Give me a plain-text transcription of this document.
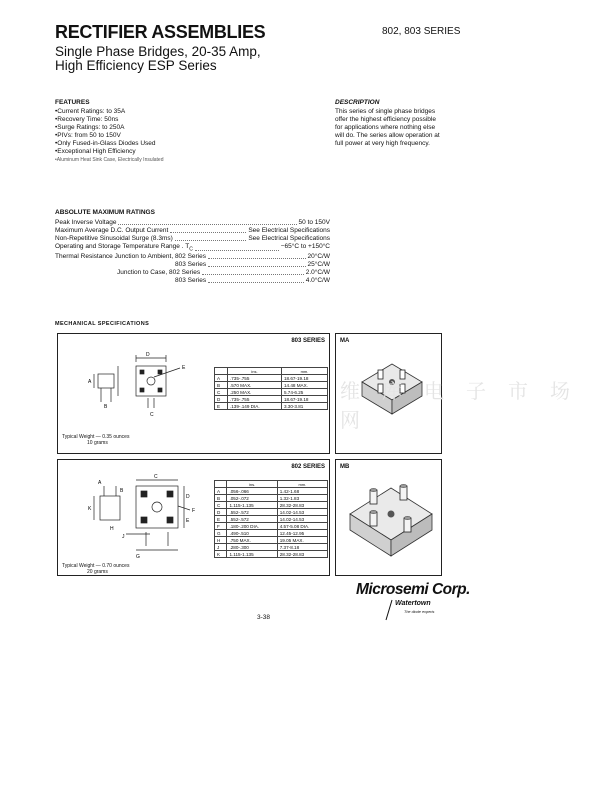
RECTIFIER ASSEMBLIES	802, 803 SERIES
Single Phase Bridges, 20-35 Amp,
High Efficiency ESP Series
FEATURES
• Current Ratings: to 35A
• Recovery Time: 50ns
• Surge Ratings: to 250A
• PIVs: from 50 to 150V
• Only Fused-in-Glass Diodes Used
• Exceptional High Efficiency
• Aluminum Heat Sink Case, Electrically Insulated
DESCRIPTION
This series of single phase bridges
offer the highest efficiency possible
for applications where nothing else
will do. The series allow operation at
full power at very high frequency.
ABSOLUTE MAXIMUM RATINGS
Peak Inverse Voltage	50 to 150V
Maximum Average D.C. Output Current	See Electrical Specifications
Non-Repetitive Sinusoidal Surge (8.3ms)	See Electrical Specifications
Operating and Storage Temperature Range . $T_C$	−65°C to +150°C
Thermal Resistance Junction to Ambient, 802 Series	20°C/W
803 Series	25°C/W
Junction to Case, 802 Series	2.0°C/W
803 Series	4.0°C/W
MECHANICAL SPECIFICATIONS
803 SERIES
D
E
A
B
C
	ins.	mm.
A	.735-.755	18.67-19.18
B	.570 MAX.	14.48 MAX.
C	.250 MAX.	5.74-6.25
D	.735-.755	18.67-19.18
E	.139-.149 DIA.	3.30-3.81
Typical Weight — 0.35 ounces
10 grams
MA
802 SERIES
A
B
C
D
E
F
G
H
J
K
	ins.	mm.
A	.056-.066	1.42-1.68
B	.052-.072	1.32-1.83
C	1.115-1.135	28.32-28.83
D	.552-.572	14.02-14.53
E	.552-.572	14.02-14.53
F	.180-.200 DIA.	4.57-5.08 DIA.
G	.490-.510	12.45-12.95
H	.750 MAX.	19.05 MAX.
J	.280-.300	7.37-8.18
K	1.115-1.135	28.32-28.83
Typical Weight — 0.70 ounces
20 grams
MB
维库电子市场网
Microsemi Corp.
Watertown
The diode experts
3-38
